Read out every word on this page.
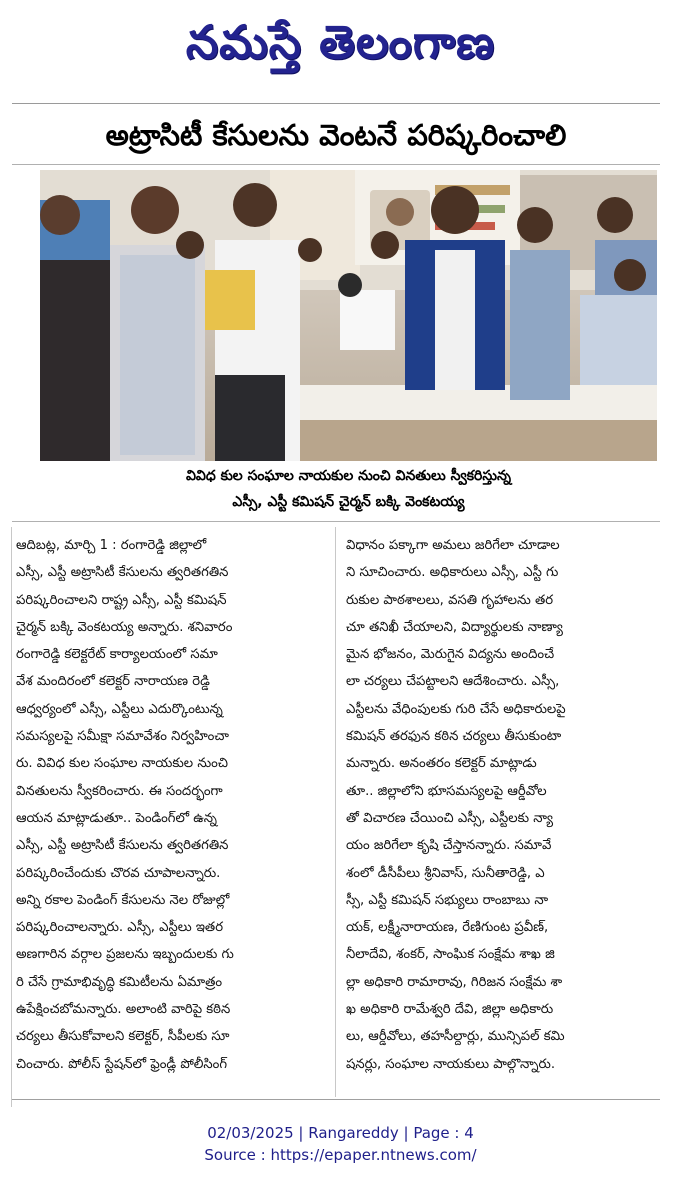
నమస్తే తెలంగాణ
అట్రాసిటీ కేసులను వెంటనే పరిష్కరించాలి
వివిధ కుల సంఘాల నాయకుల నుంచి వినతులు స్వీకరిస్తున్న
ఎస్సీ, ఎస్టీ కమిషన్ చైర్మన్ బక్కి వెంకటయ్య
ఆదిబట్ల, మార్చి 1 : రంగారెడ్డి జిల్లాలో
ఎస్సీ, ఎస్టీ అట్రాసిటీ కేసులను త్వరితగతిన
పరిష్కరించాలని రాష్ట్ర ఎస్సీ, ఎస్టీ కమిషన్
చైర్మన్ బక్కి వెంకటయ్య అన్నారు. శనివారం
రంగారెడ్డి కలెక్టరేట్ కార్యాలయంలో సమా
వేశ మందిరంలో కలెక్టర్ నారాయణ రెడ్డి
ఆధ్వర్యంలో ఎస్సీ, ఎస్టీలు ఎదుర్కొంటున్న
సమస్యలపై సమీక్షా సమావేశం నిర్వహించా
రు. వివిధ కుల సంఘాల నాయకుల నుంచి
వినతులను స్వీకరించారు. ఈ సందర్భంగా
ఆయన మాట్లాడుతూ.. పెండింగ్‌లో ఉన్న
ఎస్సీ, ఎస్టీ అట్రాసిటీ కేసులను త్వరితగతిన
పరిష్కరించేందుకు చొరవ చూపాలన్నారు.
అన్ని రకాల పెండింగ్ కేసులను నెల రోజుల్లో
పరిష్కరించాలన్నారు. ఎస్సీ, ఎస్టీలు ఇతర
అణగారిన వర్గాల ప్రజలను ఇబ్బందులకు గు
రి చేసే గ్రామాభివృద్ధి కమిటీలను ఏమాత్రం
ఉపేక్షించబోమన్నారు. అలాంటి వారిపై కఠిన
చర్యలు తీసుకోవాలని కలెక్టర్, సీపీలకు సూ
చించారు. పోలీస్ స్టేషన్‌లో ఫ్రెండ్లీ పోలీసింగ్
విధానం పక్కాగా అమలు జరిగేలా చూడాల
ని సూచించారు. అధికారులు ఎస్సీ, ఎస్టీ గు
రుకుల పాఠశాలలు, వసతి గృహాలను తర
చూ తనిఖీ చేయాలని, విద్యార్థులకు నాణ్యా
మైన భోజనం, మెరుగైన విద్యను అందించే
లా చర్యలు చేపట్టాలని ఆదేశించారు. ఎస్సీ,
ఎస్టీలను వేధింపులకు గురి చేసే అధికారులపై
కమిషన్ తరఫున కఠిన చర్యలు తీసుకుంటా
మన్నారు. అనంతరం కలెక్టర్ మాట్లాడు
తూ.. జిల్లాలోని భూసమస్యలపై ఆర్డీవోల
తో విచారణ చేయించి ఎస్సీ, ఎస్టీలకు న్యా
యం జరిగేలా కృషి చేస్తానన్నారు. సమావే
శంలో డీసీపీలు శ్రీనివాస్, సునీతారెడ్డి, ఎ
స్సీ, ఎస్టీ కమిషన్ సభ్యులు రాంబాబు నా
యక్, లక్ష్మీనారాయణ, రేణిగుంట ప్రవీణ్,
నీలాదేవి, శంకర్, సాంఘిక సంక్షేమ శాఖ జి
ల్లా అధికారి రామారావు, గిరిజన సంక్షేమ శా
ఖ అధికారి రామేశ్వరి దేవి, జిల్లా అధికారు
లు, ఆర్డీవోలు, తహసీల్దార్లు, మున్సిపల్ కమి
షనర్లు, సంఘాల నాయకులు పాల్గొన్నారు.
02/03/2025 | Rangareddy | Page : 4
Source : https://epaper.ntnews.com/
